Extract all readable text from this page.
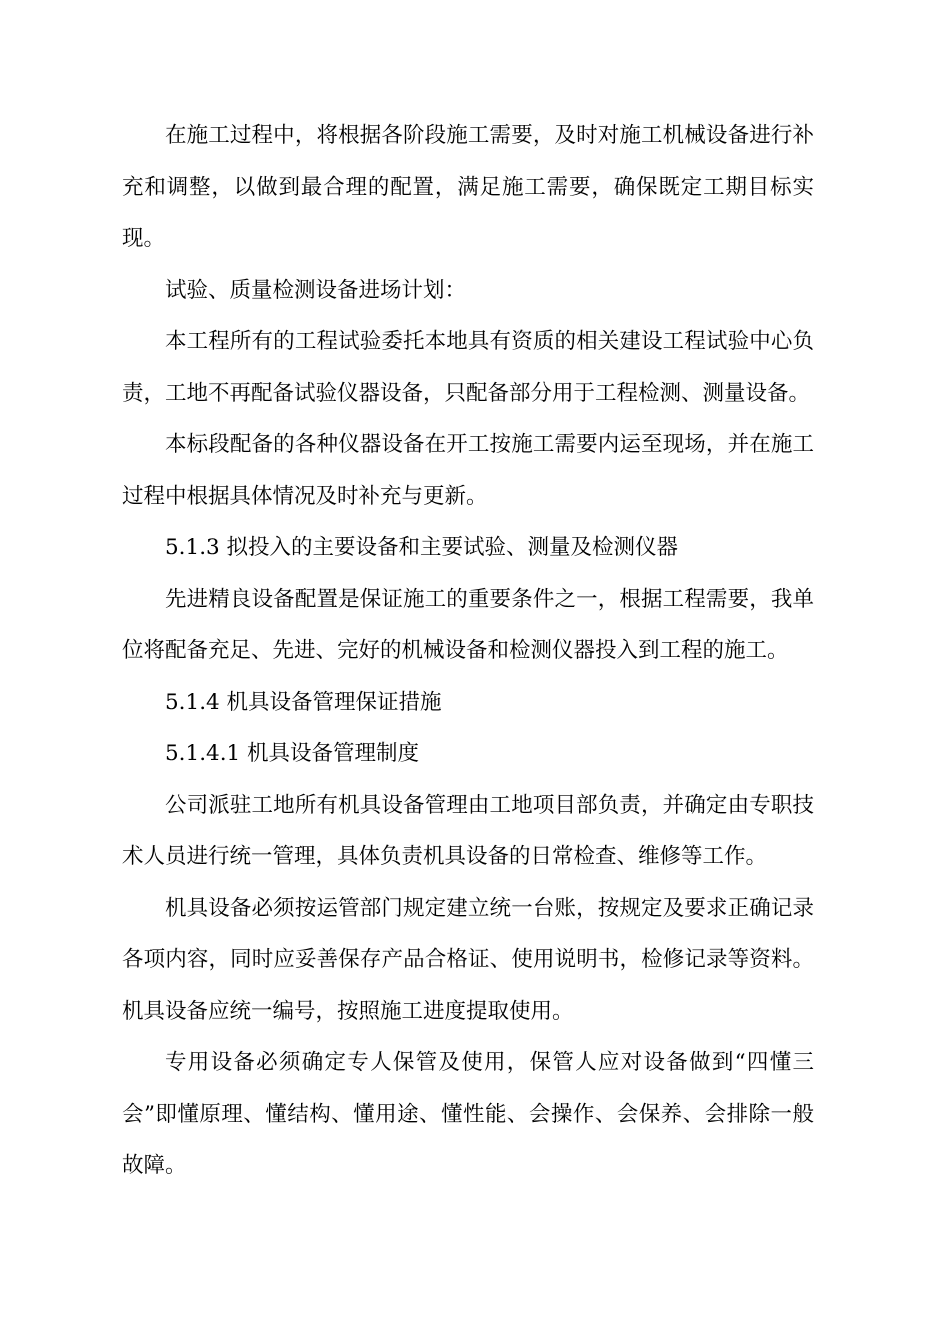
在施工过程中，将根据各阶段施工需要，及时对施工机械设备进行补充和调整，以做到最合理的配置，满足施工需要，确保既定工期目标实现。

试验、质量检测设备进场计划：

本工程所有的工程试验委托本地具有资质的相关建设工程试验中心负责，工地不再配备试验仪器设备，只配备部分用于工程检测、测量设备。

本标段配备的各种仪器设备在开工按施工需要内运至现场，并在施工过程中根据具体情况及时补充与更新。

5.1.3 拟投入的主要设备和主要试验、测量及检测仪器

先进精良设备配置是保证施工的重要条件之一，根据工程需要，我单位将配备充足、先进、完好的机械设备和检测仪器投入到工程的施工。

5.1.4 机具设备管理保证措施

5.1.4.1 机具设备管理制度

公司派驻工地所有机具设备管理由工地项目部负责，并确定由专职技术人员进行统一管理，具体负责机具设备的日常检查、维修等工作。

机具设备必须按运管部门规定建立统一台账，按规定及要求正确记录各项内容，同时应妥善保存产品合格证、使用说明书，检修记录等资料。机具设备应统一编号，按照施工进度提取使用。

专用设备必须确定专人保管及使用，保管人应对设备做到“四懂三会”即懂原理、懂结构、懂用途、懂性能、会操作、会保养、会排除一般故障。
